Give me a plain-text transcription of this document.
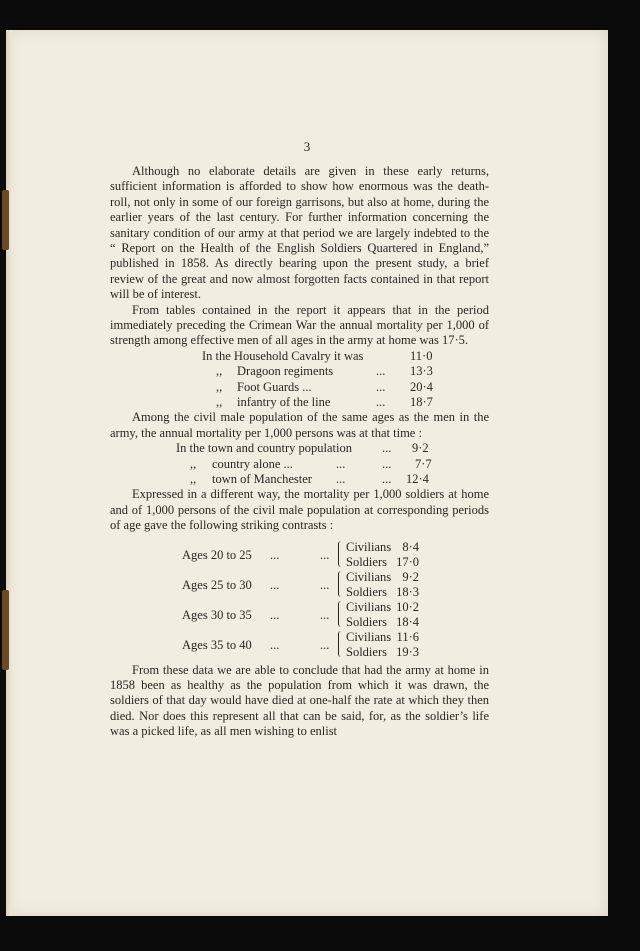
3

Although no elaborate details are given in these early returns, sufficient information is afforded to show how enormous was the death-roll, not only in some of our foreign garrisons, but also at home, during the earlier years of the last century. For further information concerning the sanitary condition of our army at that period we are largely indebted to the “ Report on the Health of the English Soldiers Quartered in England,” published in 1858. As directly bearing upon the present study, a brief review of the great and now almost forgotten facts contained in that report will be of interest.

From tables contained in the report it appears that in the period immediately preceding the Crimean War the annual mortality per 1,000 of strength among effective men of all ages in the army at home was 17·5.

In the Household Cavalry it was	11·0
,, Dragoon regiments	... 13·3
,, Foot Guards ...	... 20·4
,, infantry of the line	... 18·7

Among the civil male population of the same ages as the men in the army, the annual mortality per 1,000 persons was at that time :

In the town and country population ... 9·2
,, country alone ...	...	... 7·7
,, town of Manchester ...	... 12·4

Expressed in a different way, the mortality per 1,000 soldiers at home and of 1,000 persons of the civil male population at corresponding periods of age gave the following striking contrasts :

Ages 20 to 25 ...	...
Civilians 8·4
Soldiers 17·0
Ages 25 to 30 ...	...
Civilians 9·2
Soldiers 18·3
Ages 30 to 35 ...	...
Civilians 10·2
Soldiers 18·4
Ages 35 to 40 ...	...
Civilians 11·6
Soldiers 19·3

From these data we are able to conclude that had the army at home in 1858 been as healthy as the population from which it was drawn, the soldiers of that day would have died at one-half the rate at which they then died. Nor does this represent all that can be said, for, as the soldier’s life was a picked life, as all men wishing to enlist
